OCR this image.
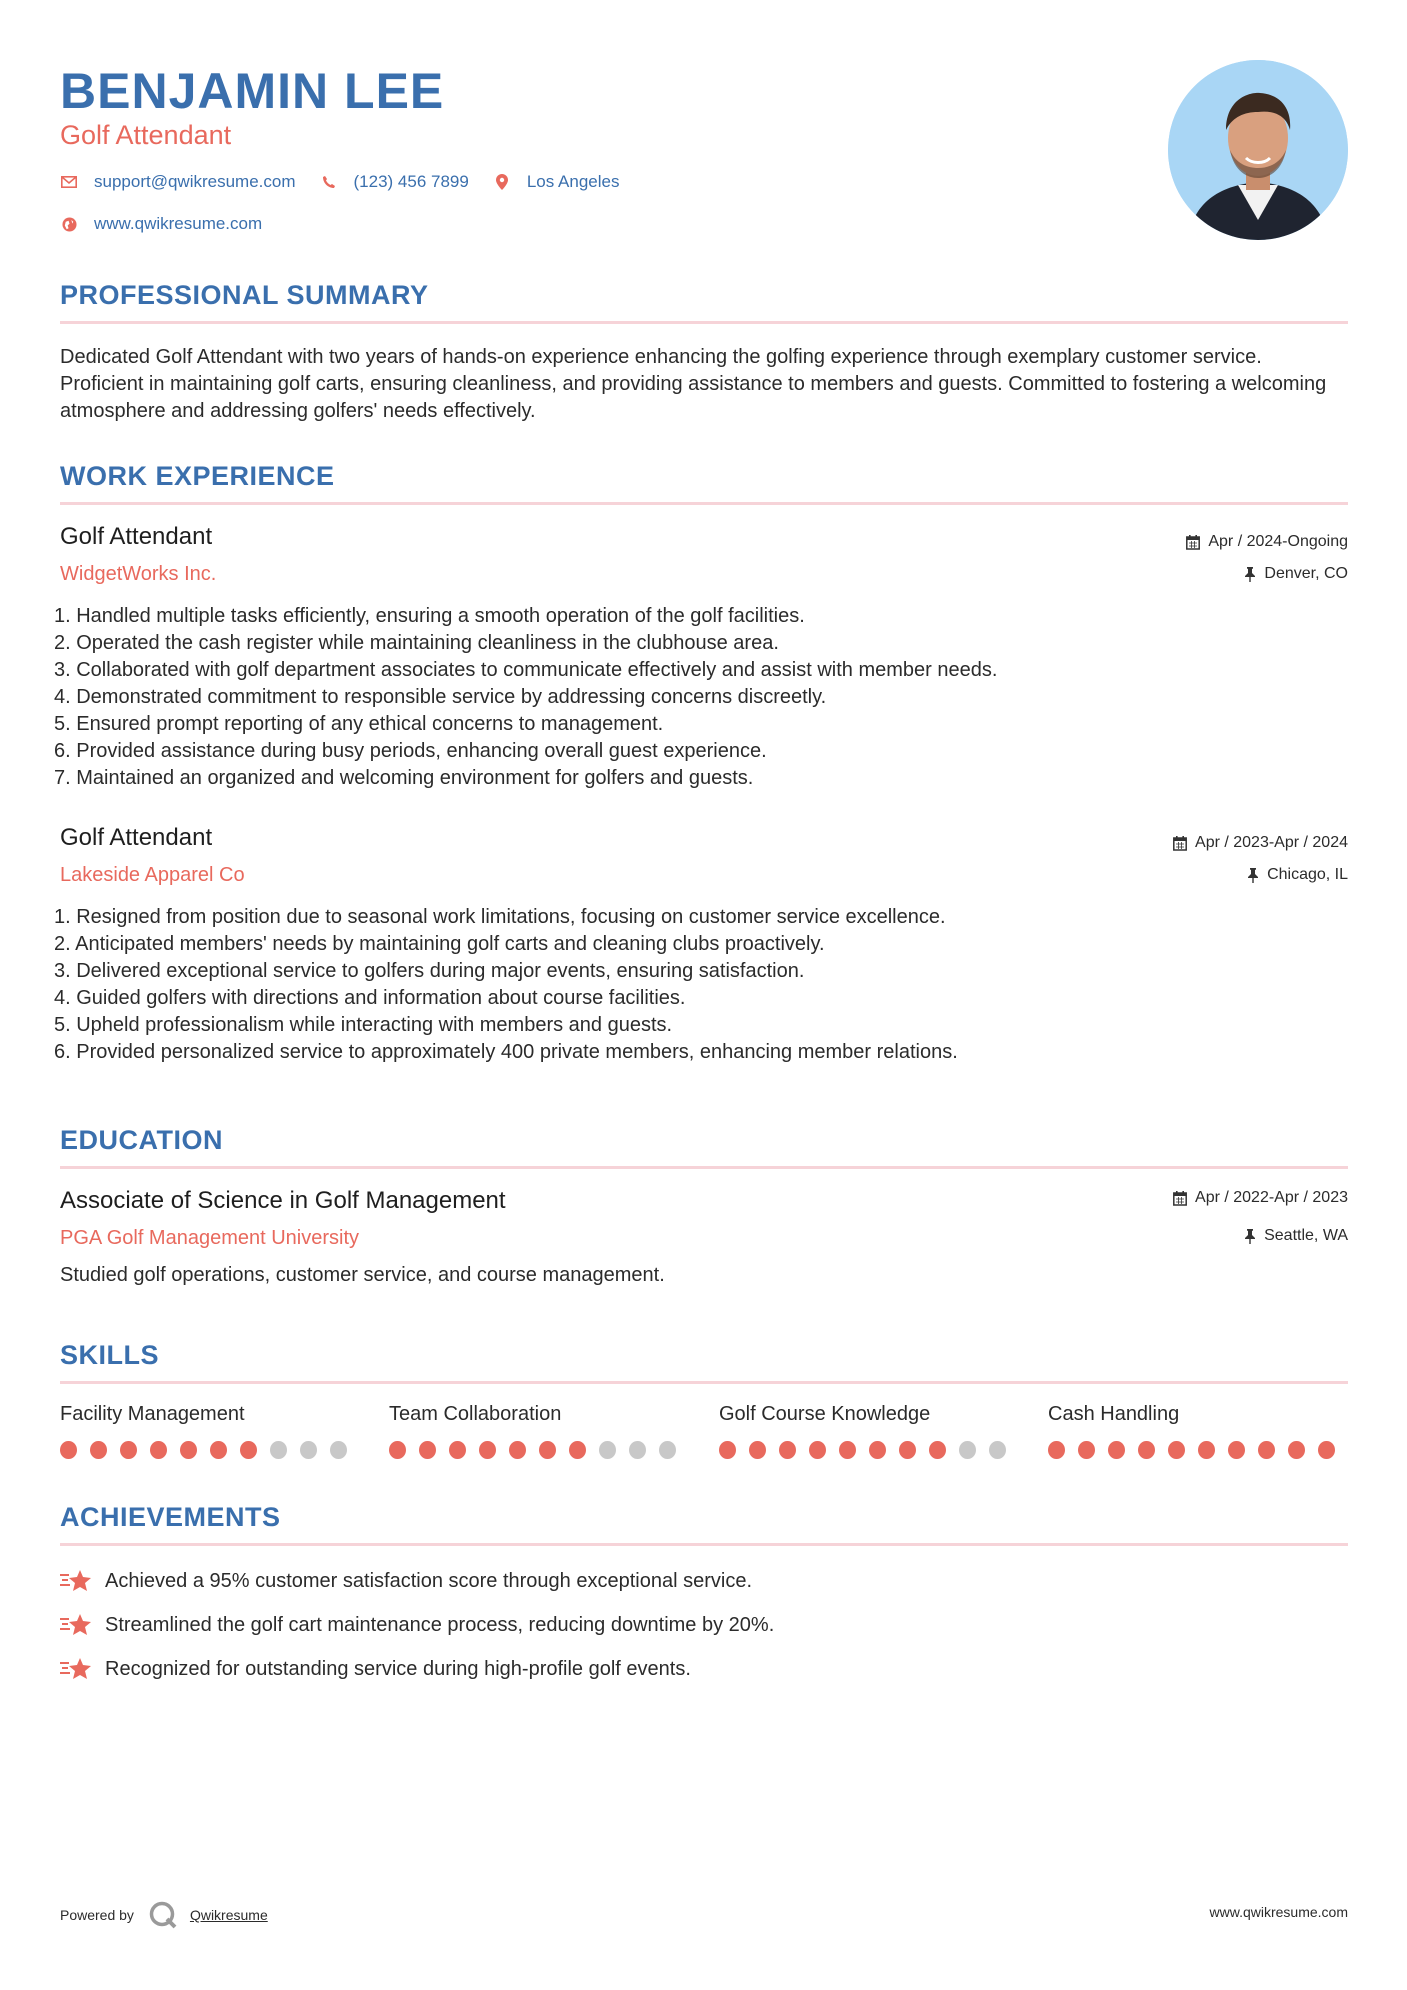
BENJAMIN LEE
Golf Attendant
support@qwikresume.com	(123) 456 7899	Los Angeles
www.qwikresume.com
PROFESSIONAL SUMMARY
Dedicated Golf Attendant with two years of hands-on experience enhancing the golfing experience through exemplary customer service. Proficient in maintaining golf carts, ensuring cleanliness, and providing assistance to members and guests. Committed to fostering a welcoming atmosphere and addressing golfers' needs effectively.
WORK EXPERIENCE
Golf Attendant
WidgetWorks Inc.
Apr / 2024-Ongoing
Denver, CO
1. Handled multiple tasks efficiently, ensuring a smooth operation of the golf facilities.
2. Operated the cash register while maintaining cleanliness in the clubhouse area.
3. Collaborated with golf department associates to communicate effectively and assist with member needs.
4. Demonstrated commitment to responsible service by addressing concerns discreetly.
5. Ensured prompt reporting of any ethical concerns to management.
6. Provided assistance during busy periods, enhancing overall guest experience.
7. Maintained an organized and welcoming environment for golfers and guests.
Golf Attendant
Lakeside Apparel Co
Apr / 2023-Apr / 2024
Chicago, IL
1. Resigned from position due to seasonal work limitations, focusing on customer service excellence.
2. Anticipated members' needs by maintaining golf carts and cleaning clubs proactively.
3. Delivered exceptional service to golfers during major events, ensuring satisfaction.
4. Guided golfers with directions and information about course facilities.
5. Upheld professionalism while interacting with members and guests.
6. Provided personalized service to approximately 400 private members, enhancing member relations.
EDUCATION
Associate of Science in Golf Management
PGA Golf Management University
Apr / 2022-Apr / 2023
Seattle, WA
Studied golf operations, customer service, and course management.
SKILLS
Facility Management	Team Collaboration	Golf Course Knowledge	Cash Handling
ACHIEVEMENTS
Achieved a 95% customer satisfaction score through exceptional service.
Streamlined the golf cart maintenance process, reducing downtime by 20%.
Recognized for outstanding service during high-profile golf events.
Powered by	Qwikresume	www.qwikresume.com
